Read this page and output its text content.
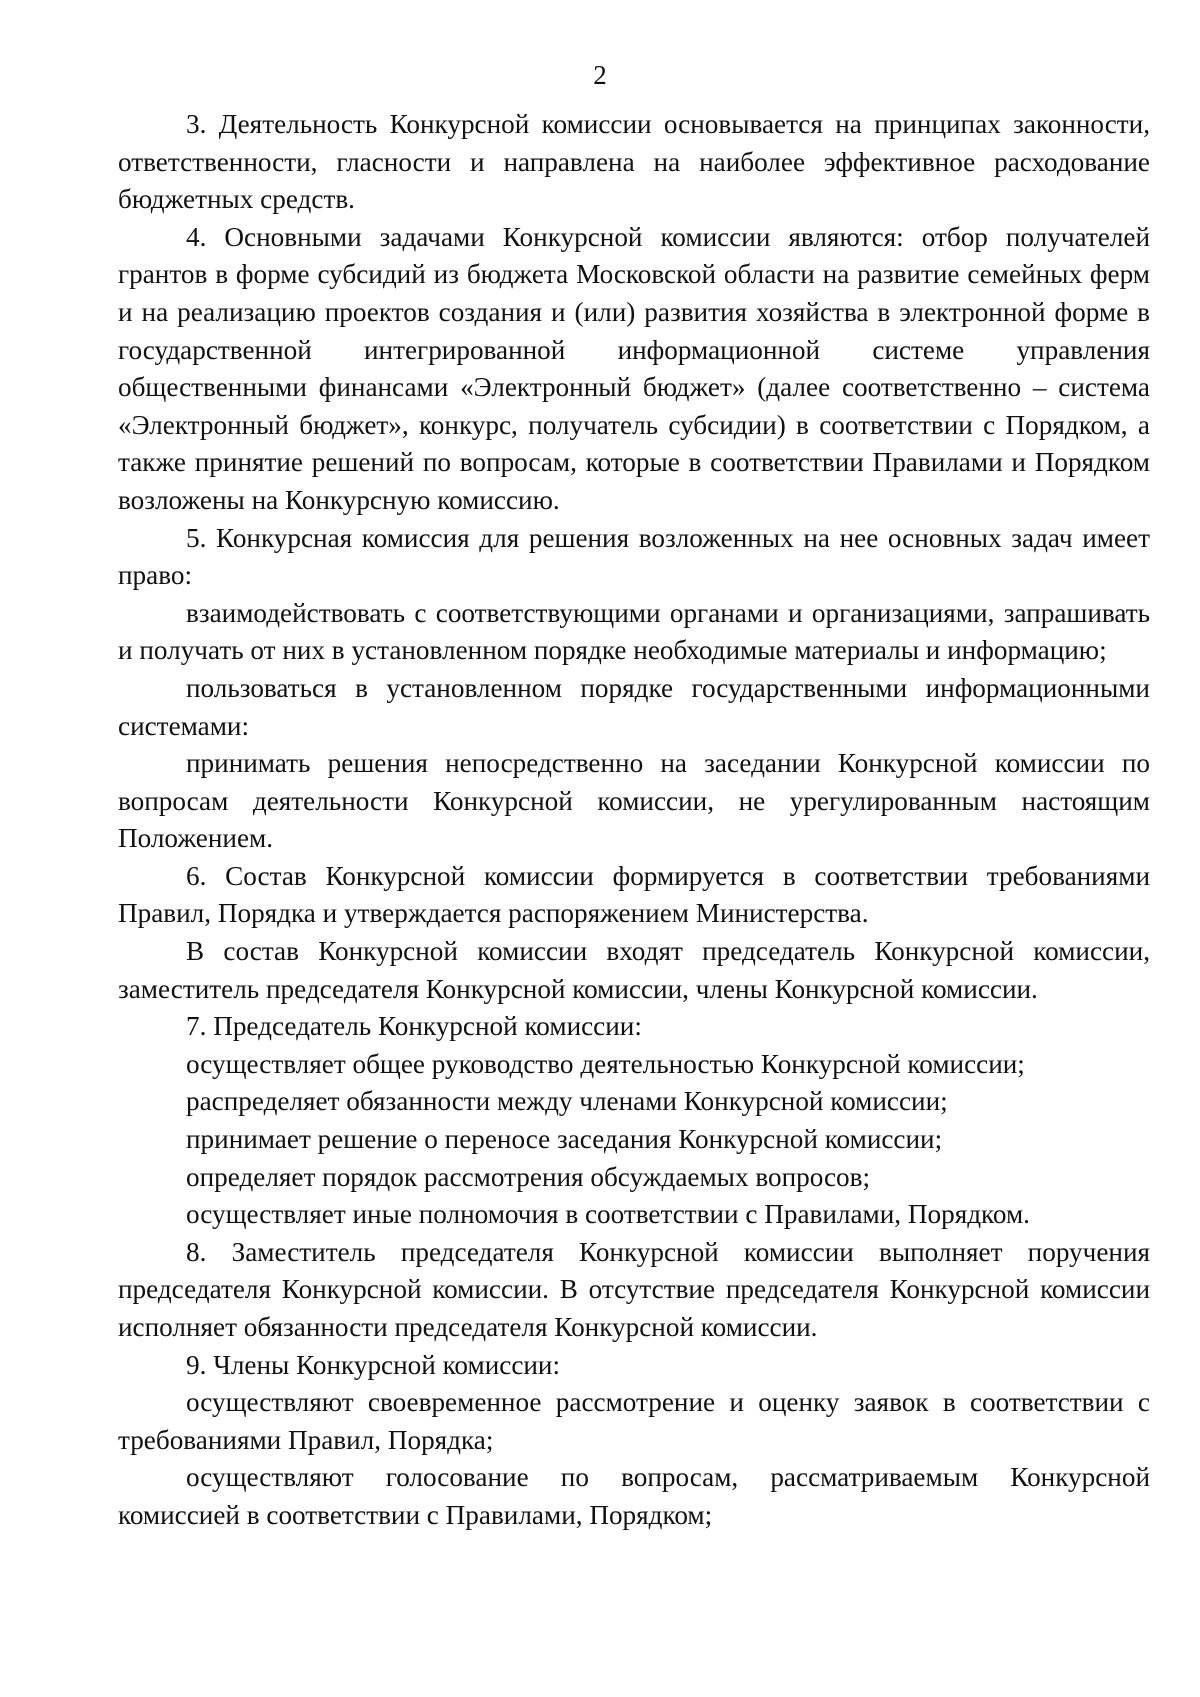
2

3. Деятельность Конкурсной комиссии основывается на принципах законности, ответственности, гласности и направлена на наиболее эффективное расходование бюджетных средств.

4. Основными задачами Конкурсной комиссии являются: отбор получателей грантов в форме субсидий из бюджета Московской области на развитие семейных ферм и на реализацию проектов создания и (или) развития хозяйства в электронной форме в государственной интегрированной информационной системе управления общественными финансами «Электронный бюджет» (далее соответственно – система «Электронный бюджет», конкурс, получатель субсидии) в соответствии с Порядком, а также принятие решений по вопросам, которые в соответствии Правилами и Порядком возложены на Конкурсную комиссию.

5. Конкурсная комиссия для решения возложенных на нее основных задач имеет право:

взаимодействовать с соответствующими органами и организациями, запрашивать и получать от них в установленном порядке необходимые материалы и информацию;

пользоваться в установленном порядке государственными информационными системами:

принимать решения непосредственно на заседании Конкурсной комиссии по вопросам деятельности Конкурсной комиссии, не урегулированным настоящим Положением.

6. Состав Конкурсной комиссии формируется в соответствии требованиями Правил, Порядка и утверждается распоряжением Министерства.

В состав Конкурсной комиссии входят председатель Конкурсной комиссии, заместитель председателя Конкурсной комиссии, члены Конкурсной комиссии.

7. Председатель Конкурсной комиссии:

осуществляет общее руководство деятельностью Конкурсной комиссии;

распределяет обязанности между членами Конкурсной комиссии;

принимает решение о переносе заседания Конкурсной комиссии;

определяет порядок рассмотрения обсуждаемых вопросов;

осуществляет иные полномочия в соответствии с Правилами, Порядком.

8. Заместитель председателя Конкурсной комиссии выполняет поручения председателя Конкурсной комиссии. В отсутствие председателя Конкурсной комиссии исполняет обязанности председателя Конкурсной комиссии.

9. Члены Конкурсной комиссии:

осуществляют своевременное рассмотрение и оценку заявок в соответствии с требованиями Правил, Порядка;

осуществляют голосование по вопросам, рассматриваемым Конкурсной комиссией в соответствии с Правилами, Порядком;
